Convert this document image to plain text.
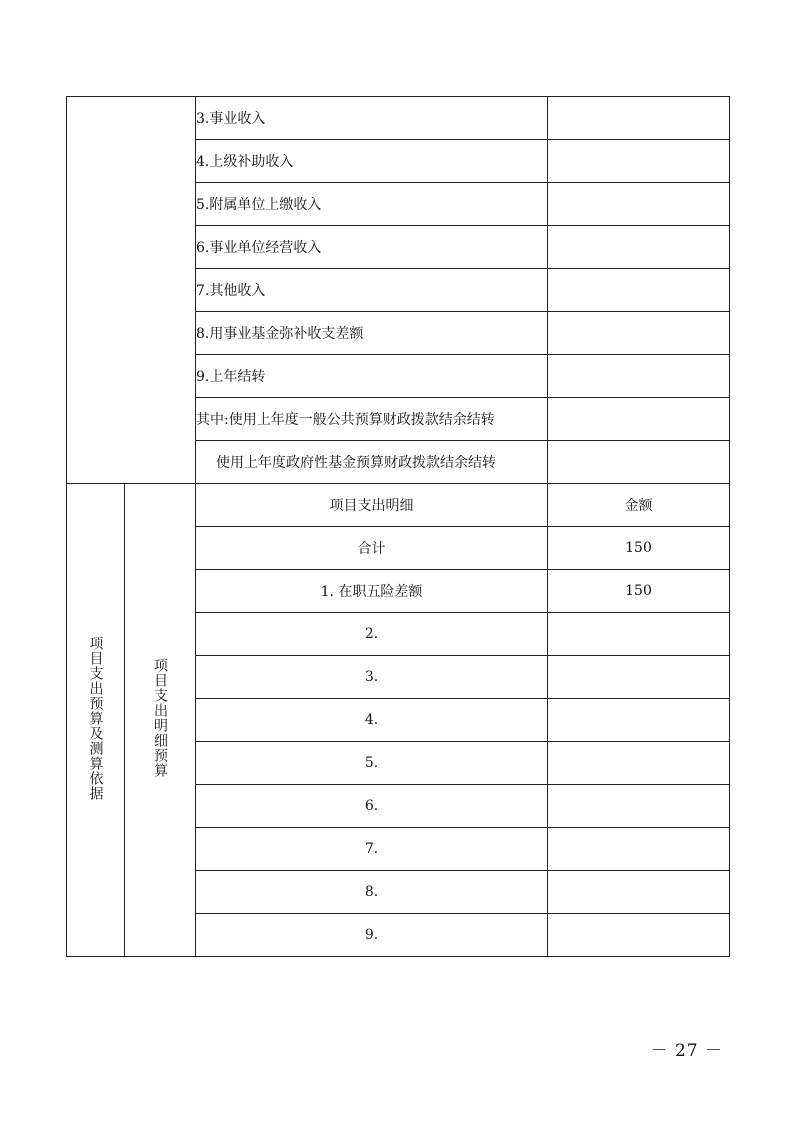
		3.事业收入	
		4.上级补助收入	
		5.附属单位上缴收入	
		6.事业单位经营收入	
		7.其他收入	
		8.用事业基金弥补收支差额	
		9.上年结转	
		其中:使用上年度一般公共预算财政拨款结余结转	
		使用上年度政府性基金预算财政拨款结余结转	
项目支出预算及测算依据	项目支出明细预算	项目支出明细	金额
		合计	150
		1. 在职五险差额	150
		2.	
		3.	
		4.	
		5.	
		6.	
		7.	
		8.	
		9.	
－ 27 －
